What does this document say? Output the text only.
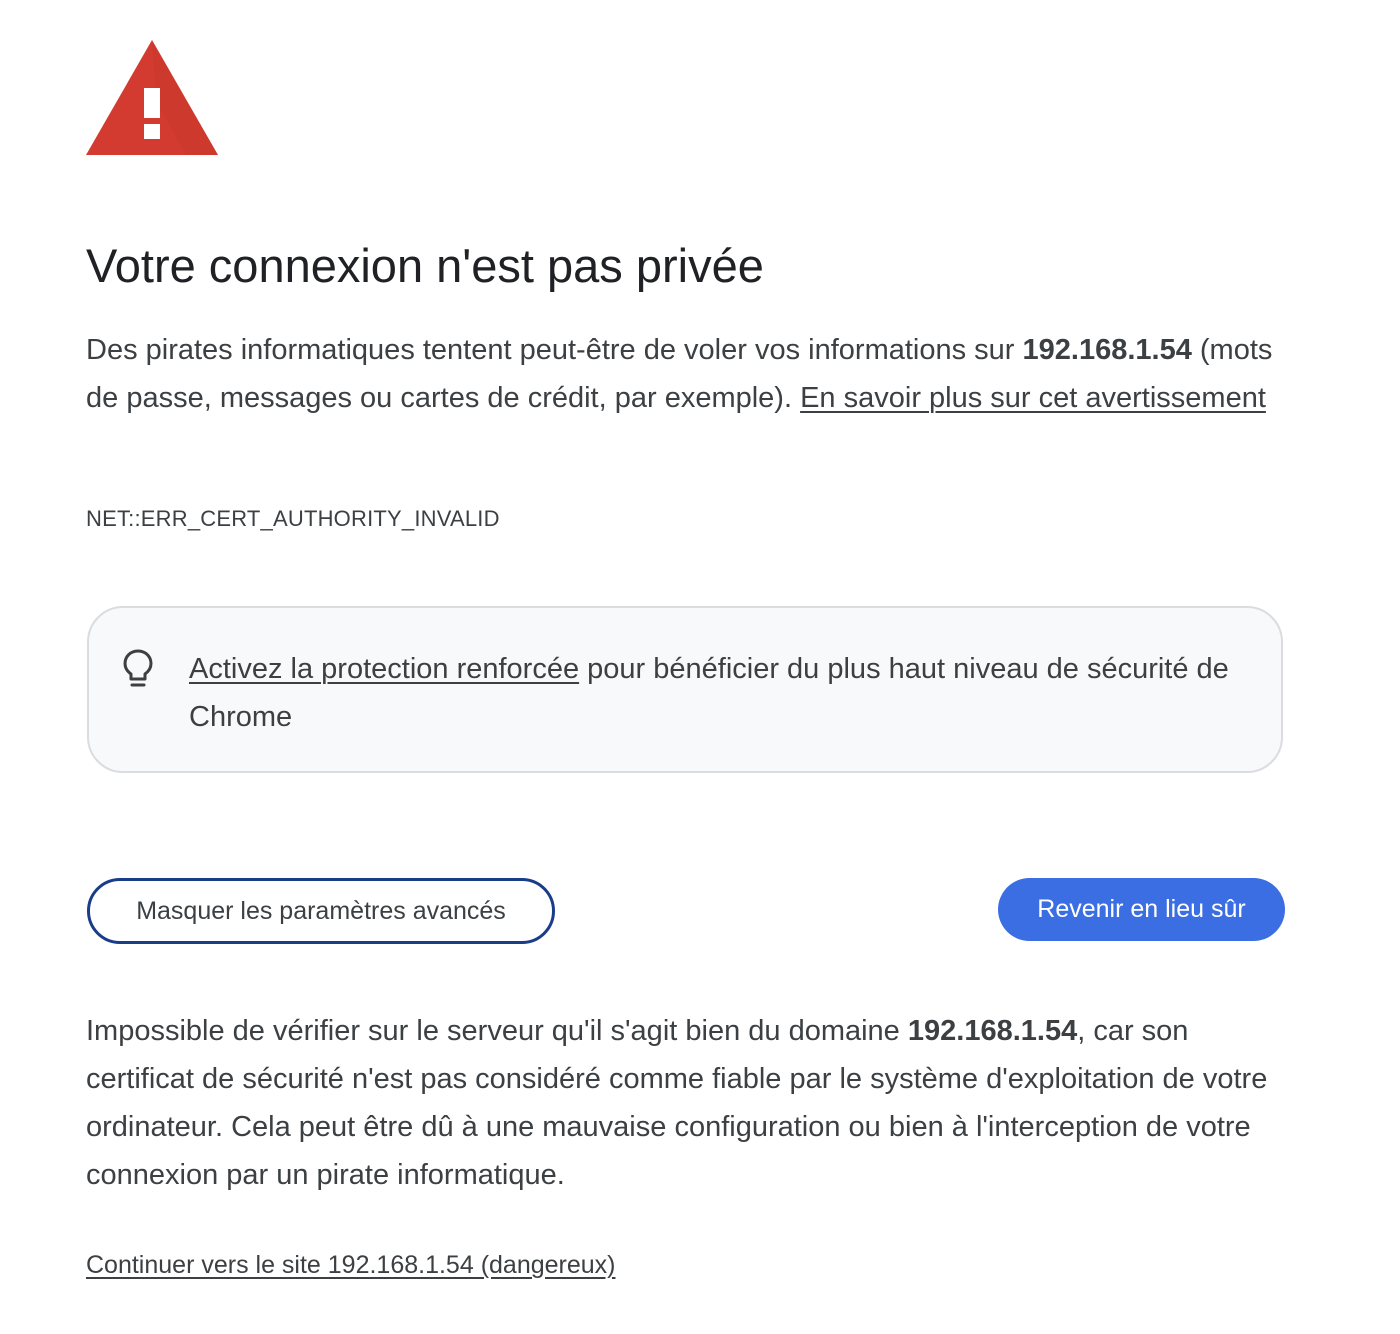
Votre connexion n'est pas privée

Des pirates informatiques tentent peut-être de voler vos informations sur 192.168.1.54 (mots de passe, messages ou cartes de crédit, par exemple). En savoir plus sur cet avertissement

NET::ERR_CERT_AUTHORITY_INVALID

Activez la protection renforcée pour bénéficier du plus haut niveau de sécurité de Chrome

Masquer les paramètres avancés	Revenir en lieu sûr

Impossible de vérifier sur le serveur qu'il s'agit bien du domaine 192.168.1.54, car son certificat de sécurité n'est pas considéré comme fiable par le système d'exploitation de votre ordinateur. Cela peut être dû à une mauvaise configuration ou bien à l'interception de votre connexion par un pirate informatique.

Continuer vers le site 192.168.1.54 (dangereux)
